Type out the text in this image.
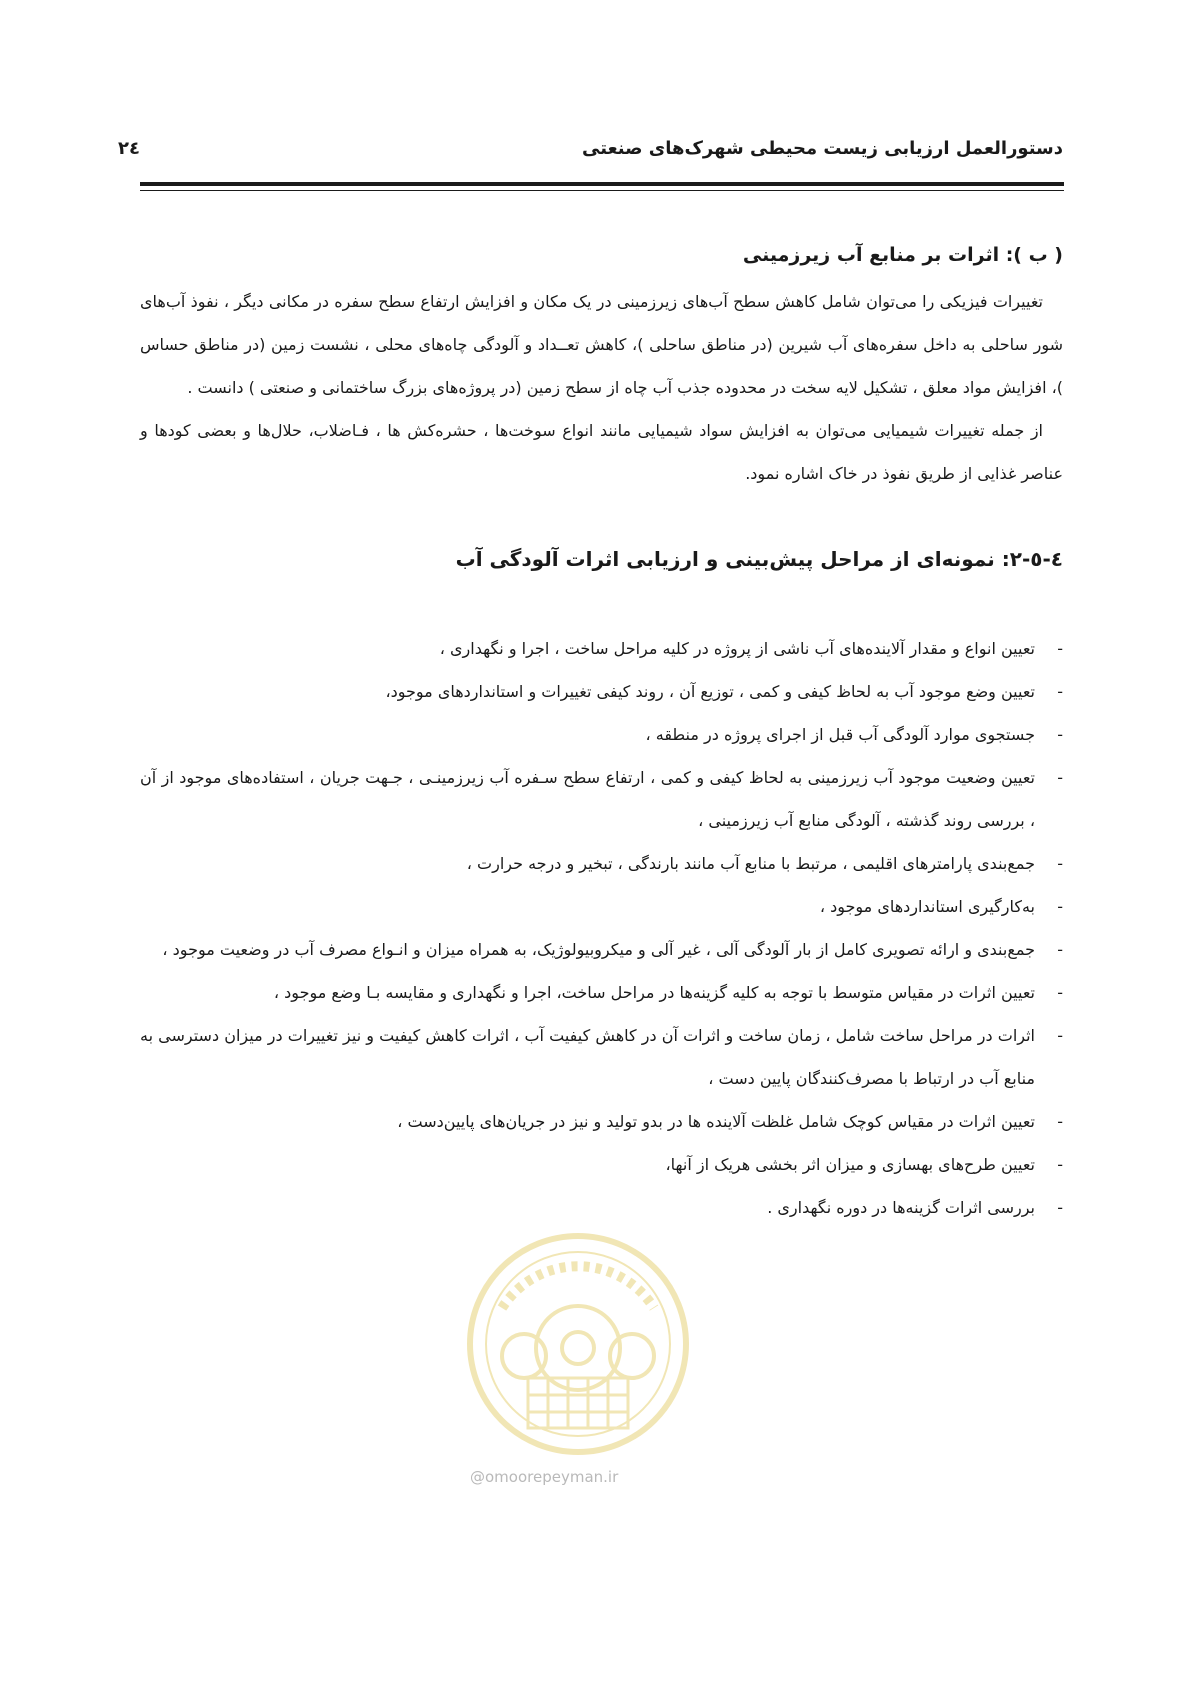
دستورالعمل ارزیابی زیست محیطی شهرک‌های صنعتی
٢٤
( ب ): اثرات بر منابع آب زیرزمینی

تغییرات فیزیکی را می‌توان شامل کاهش سطح آب‌های زیرزمینی در یک مکان و افزایش ارتفاع سطح سفره در مکانی دیگر ، نفوذ آب‌های شور ساحلی به داخل سفره‌های آب شیرین (در مناطق ساحلی )، کاهش تعــداد و آلودگی چاه‌های محلی ، نشست زمین (در مناطق حساس )، افزایش مواد معلق ، تشکیل لایه سخت در محدوده جذب آب چاه از سطح زمین (در پروژه‌های بزرگ ساختمانی و صنعتی ) دانست .

از جمله تغییرات شیمیایی می‌توان به افزایش سواد شیمیایی مانند انواع سوخت‌ها ، حشره‌کش ها ، فـاضلاب، حلال‌ها و بعضی کودها و عناصر غذایی از طریق نفوذ در خاک اشاره نمود.

٤-٥-٢: نمونه‌ای از مراحل پیش‌بینی و ارزیابی اثرات آلودگی آب
-
تعیین انواع و مقدار آلاینده‌های آب ناشی از پروژه در کلیه مراحل ساخت ، اجرا و نگهداری ،
-
تعیین وضع موجود آب به لحاظ کیفی و کمی ، توزیع آن ، روند کیفی تغییرات و استانداردهای موجود،
-
جستجوی موارد آلودگی آب قبل از اجرای پروژه در منطقه ،
-
تعیین وضعیت موجود آب زیرزمینی به لحاظ کیفی و کمی ، ارتفاع سطح سـفره آب زیرزمینـی ، جـهت جریان ، استفاده‌های موجود از آن ، بررسی روند گذشته ، آلودگی منابع آب زیرزمینی ،
-
جمع‌بندی پارامترهای اقلیمی ، مرتبط با منابع آب مانند بارندگی ، تبخیر و درجه حرارت ،
-
به‌کارگیری استانداردهای موجود ،
-
جمع‌بندی و ارائه تصویری کامل از بار آلودگی آلی ، غیر آلی و میکروبیولوژیک، به همراه میزان و انـواع مصرف آب در وضعیت موجود ،
-
تعیین اثرات در مقیاس متوسط با توجه به کلیه گزینه‌ها در مراحل ساخت، اجرا و نگهداری و مقایسه بـا وضع موجود ،
-
اثرات در مراحل ساخت شامل ، زمان ساخت و اثرات آن در کاهش کیفیت آب ، اثرات کاهش کیفیت و نیز تغییرات در میزان دسترسی به منابع آب در ارتباط با مصرف‌کنندگان پایین دست ،
-
تعیین اثرات در مقیاس کوچک شامل غلظت آلاینده ها در بدو تولید و نیز در جریان‌های پایین‌دست ،
-
تعیین طرح‌های بهسازی و میزان اثر بخشی هریک از آنها،
-
بررسی اثرات گزینه‌ها در دوره نگهداری .
@omoorepeyman.ir
